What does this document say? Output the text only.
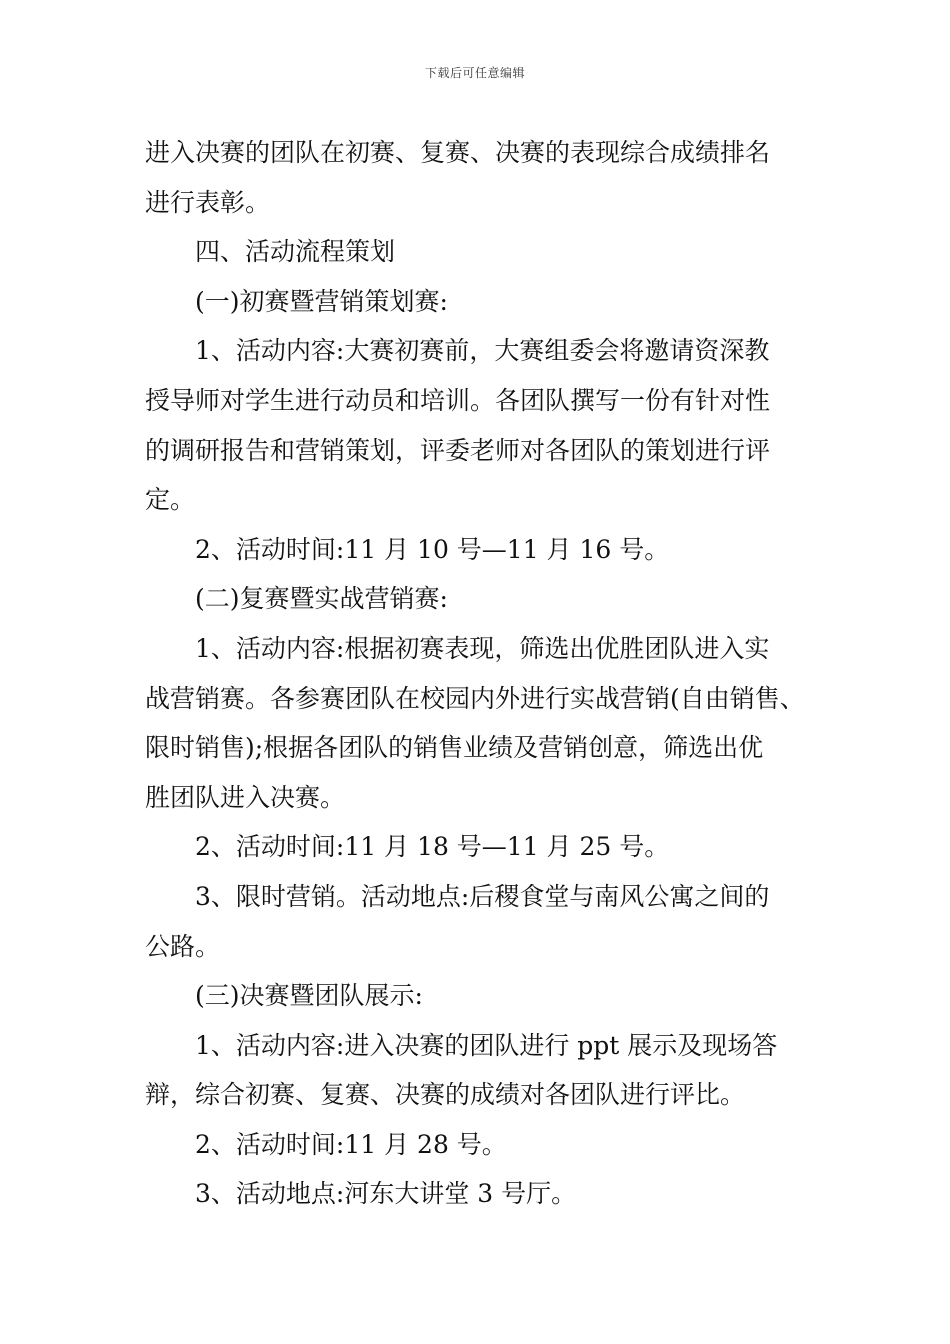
下载后可任意编辑
进入决赛的团队在初赛、复赛、决赛的表现综合成绩排名
进行表彰。
四、活动流程策划
(一)初赛暨营销策划赛:
1、活动内容:大赛初赛前，大赛组委会将邀请资深教
授导师对学生进行动员和培训。各团队撰写一份有针对性
的调研报告和营销策划，评委老师对各团队的策划进行评
定。
2、活动时间:11 月 10 号—11 月 16 号。
(二)复赛暨实战营销赛:
1、活动内容:根据初赛表现，筛选出优胜团队进入实
战营销赛。各参赛团队在校园内外进行实战营销(自由销售、
限时销售);根据各团队的销售业绩及营销创意，筛选出优
胜团队进入决赛。
2、活动时间:11 月 18 号—11 月 25 号。
3、限时营销。活动地点:后稷食堂与南风公寓之间的
公路。
(三)决赛暨团队展示:
1、活动内容:进入决赛的团队进行 ppt 展示及现场答
辩，综合初赛、复赛、决赛的成绩对各团队进行评比。
2、活动时间:11 月 28 号。
3、活动地点:河东大讲堂 3 号厅。
